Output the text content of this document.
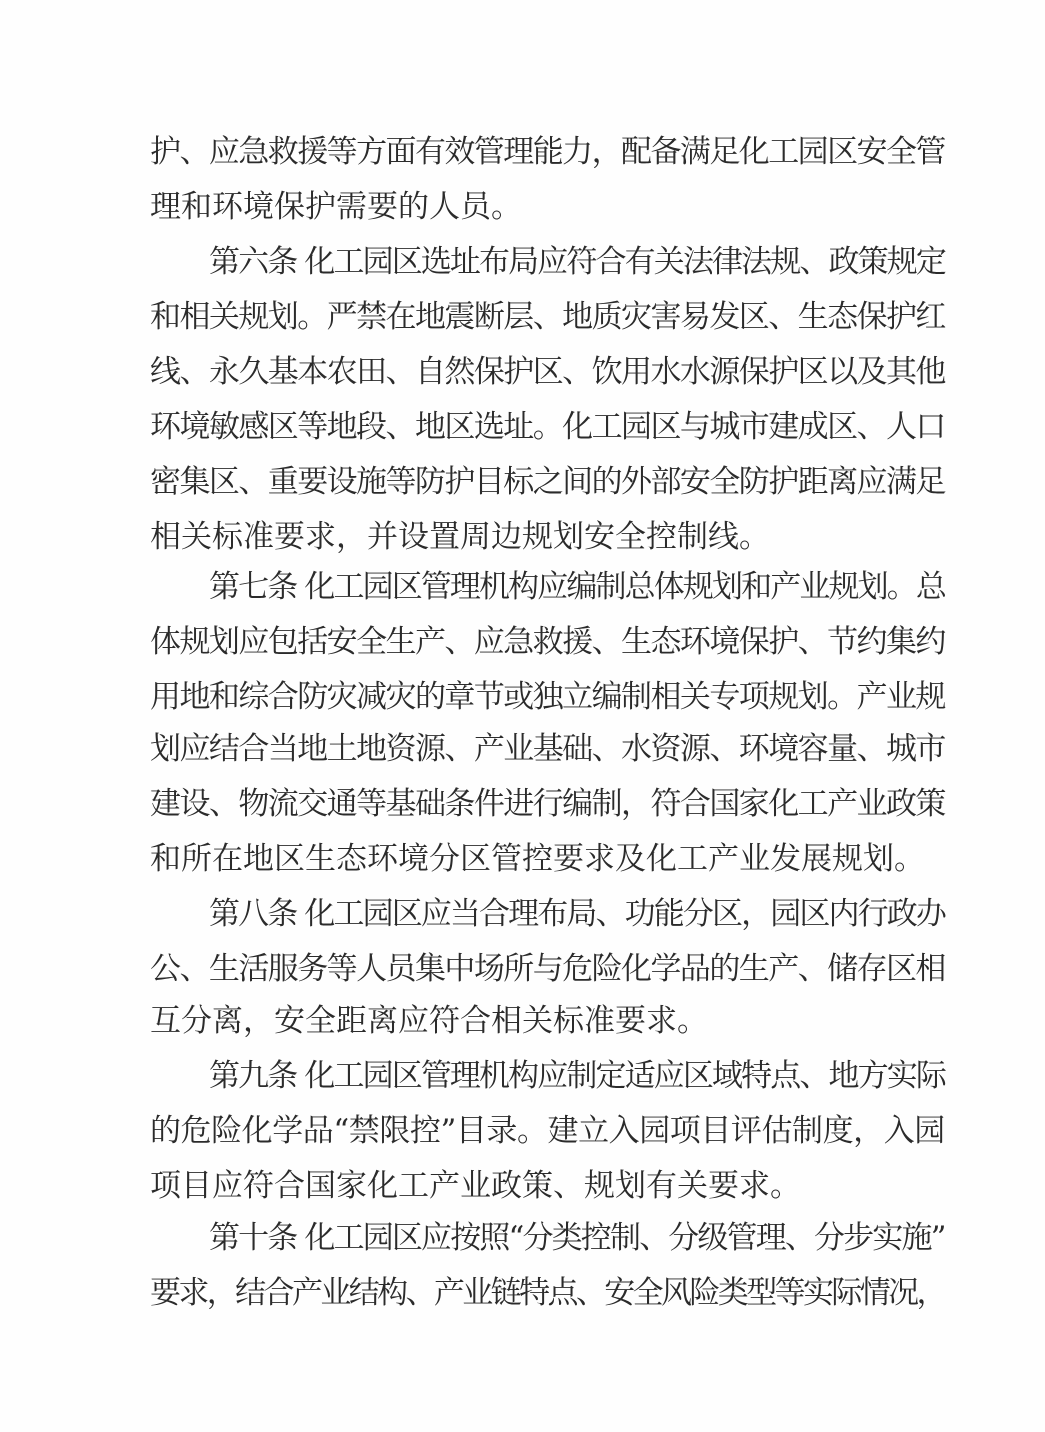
护、应急救援等方面有效管理能力，配备满足化工园区安全管
理和环境保护需要的人员。
第六条 化工园区选址布局应符合有关法律法规、政策规定
和相关规划。严禁在地震断层、地质灾害易发区、生态保护红
线、永久基本农田、自然保护区、饮用水水源保护区以及其他
环境敏感区等地段、地区选址。化工园区与城市建成区、人口
密集区、重要设施等防护目标之间的外部安全防护距离应满足
相关标准要求，并设置周边规划安全控制线。
第七条 化工园区管理机构应编制总体规划和产业规划。总
体规划应包括安全生产、应急救援、生态环境保护、节约集约
用地和综合防灾减灾的章节或独立编制相关专项规划。产业规
划应结合当地土地资源、产业基础、水资源、环境容量、城市
建设、物流交通等基础条件进行编制，符合国家化工产业政策
和所在地区生态环境分区管控要求及化工产业发展规划。
第八条 化工园区应当合理布局、功能分区，园区内行政办
公、生活服务等人员集中场所与危险化学品的生产、储存区相
互分离，安全距离应符合相关标准要求。
第九条 化工园区管理机构应制定适应区域特点、地方实际
的危险化学品“禁限控”目录。建立入园项目评估制度，入园
项目应符合国家化工产业政策、规划有关要求。
第十条 化工园区应按照“分类控制、分级管理、分步实施”
要求，结合产业结构、产业链特点、安全风险类型等实际情况，
